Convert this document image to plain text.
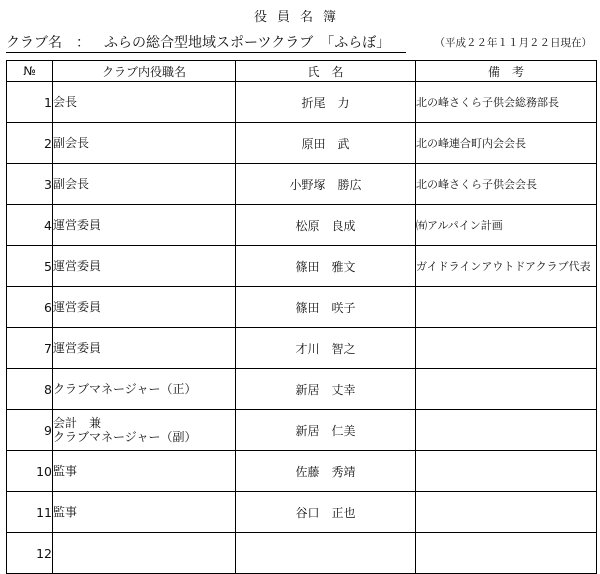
役員名簿
クラブ名 ： ふらの総合型地域スポーツクラブ　「ふらぼ」	（平成２２年１１月２２日現在）
№	クラブ内役職名	氏　名	備　考
1	会長	折尾　力	北の峰さくら子供会総務部長
2	副会長	原田　武	北の峰連合町内会会長
3	副会長	小野塚　勝広	北の峰さくら子供会会長
4	運営委員	松原　良成	㈲アルパイン計画
5	運営委員	篠田　雅文	ガイドラインアウトドアクラブ代表
6	運営委員	篠田　咲子	
7	運営委員	才川　智之	
8	クラブマネージャー（正）	新居　丈幸	
9	会計　兼
クラブマネージャー（副）	新居　仁美	
10	監事	佐藤　秀靖	
11	監事	谷口　正也	
12	
